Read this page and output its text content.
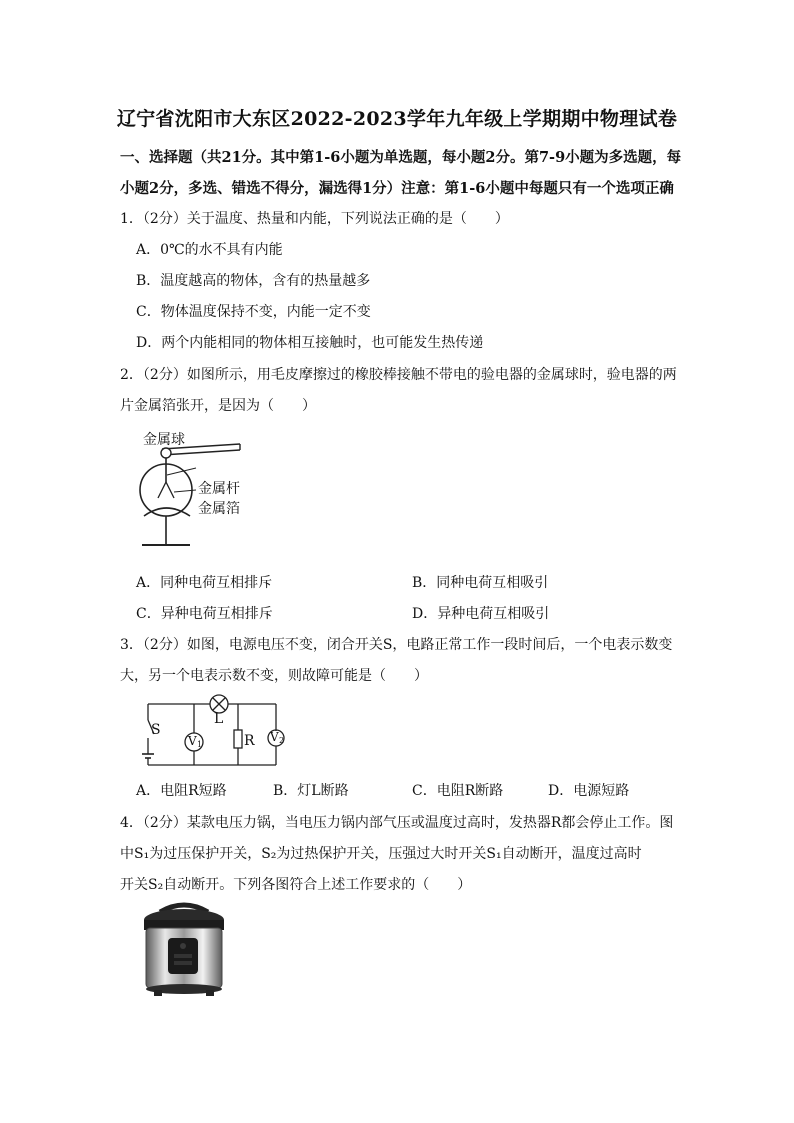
辽宁省沈阳市大东区2022-2023学年九年级上学期期中物理试卷
一、选择题（共21分。其中第1-6小题为单选题，每小题2分。第7-9小题为多选题，每
小题2分，多选、错选不得分，漏选得1分）注意：第1-6小题中每题只有一个选项正确
1．（2分）关于温度、热量和内能，下列说法正确的是（　　）
A．0℃的水不具有内能
B．温度越高的物体，含有的热量越多
C．物体温度保持不变，内能一定不变
D．两个内能相同的物体相互接触时，也可能发生热传递
2．（2分）如图所示，用毛皮摩擦过的橡胶棒接触不带电的验电器的金属球时，验电器的两
片金属箔张开，是因为（　　）
金属球
金属杆
金属箔
A．同种电荷互相排斥	B．同种电荷互相吸引
C．异种电荷互相排斥	D．异种电荷互相吸引
3．（2分）如图，电源电压不变，闭合开关S，电路正常工作一段时间后，一个电表示数变
大，另一个电表示数不变，则故障可能是（　　）
S
L
R
V 1
V 2
A．电阻R短路	B．灯L断路	C．电阻R断路	D．电源短路
4．（2分）某款电压力锅，当电压力锅内部气压或温度过高时，发热器R都会停止工作。图
中S₁为过压保护开关，S₂为过热保护开关，压强过大时开关S₁自动断开，温度过高时
开关S₂自动断开。下列各图符合上述工作要求的（　　）
